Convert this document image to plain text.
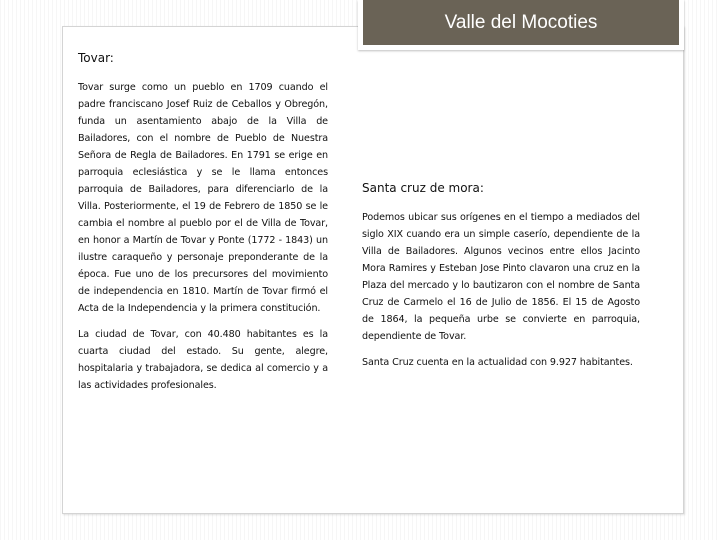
Valle del Mocoties

Tovar:

Tovar surge como un pueblo en 1709 cuando el padre franciscano Josef Ruiz de Ceballos y Obregón, funda un asentamiento abajo de la Villa de Bailadores, con el nombre de Pueblo de Nuestra Señora de Regla de Bailadores. En 1791 se erige en parroquia eclesiástica y se le llama entonces parroquia de Bailadores, para diferenciarlo de la Villa. Posteriormente, el 19 de Febrero de 1850 se le cambia el nombre al pueblo por el de Villa de Tovar, en honor a Martín de Tovar y Ponte (1772 - 1843) un ilustre caraqueño y personaje preponderante de la época. Fue uno de los precursores del movimiento de independencia en 1810. Martín de Tovar firmó el Acta de la Independencia y la primera constitución.

La ciudad de Tovar, con 40.480 habitantes es la cuarta ciudad del estado. Su gente, alegre, hospitalaria y trabajadora, se dedica al comercio y a las actividades profesionales.

Santa cruz de mora:

Podemos ubicar sus orígenes en el tiempo a mediados del siglo XIX cuando era un simple caserío, dependiente de la Villa de Bailadores. Algunos vecinos entre ellos Jacinto Mora Ramires y Esteban Jose Pinto clavaron una cruz en la Plaza del mercado y lo bautizaron con el nombre de Santa Cruz de Carmelo el 16 de Julio de 1856. El 15 de Agosto de 1864, la pequeña urbe se convierte en parroquia, dependiente de Tovar.

Santa Cruz cuenta en la actualidad con 9.927 habitantes.
